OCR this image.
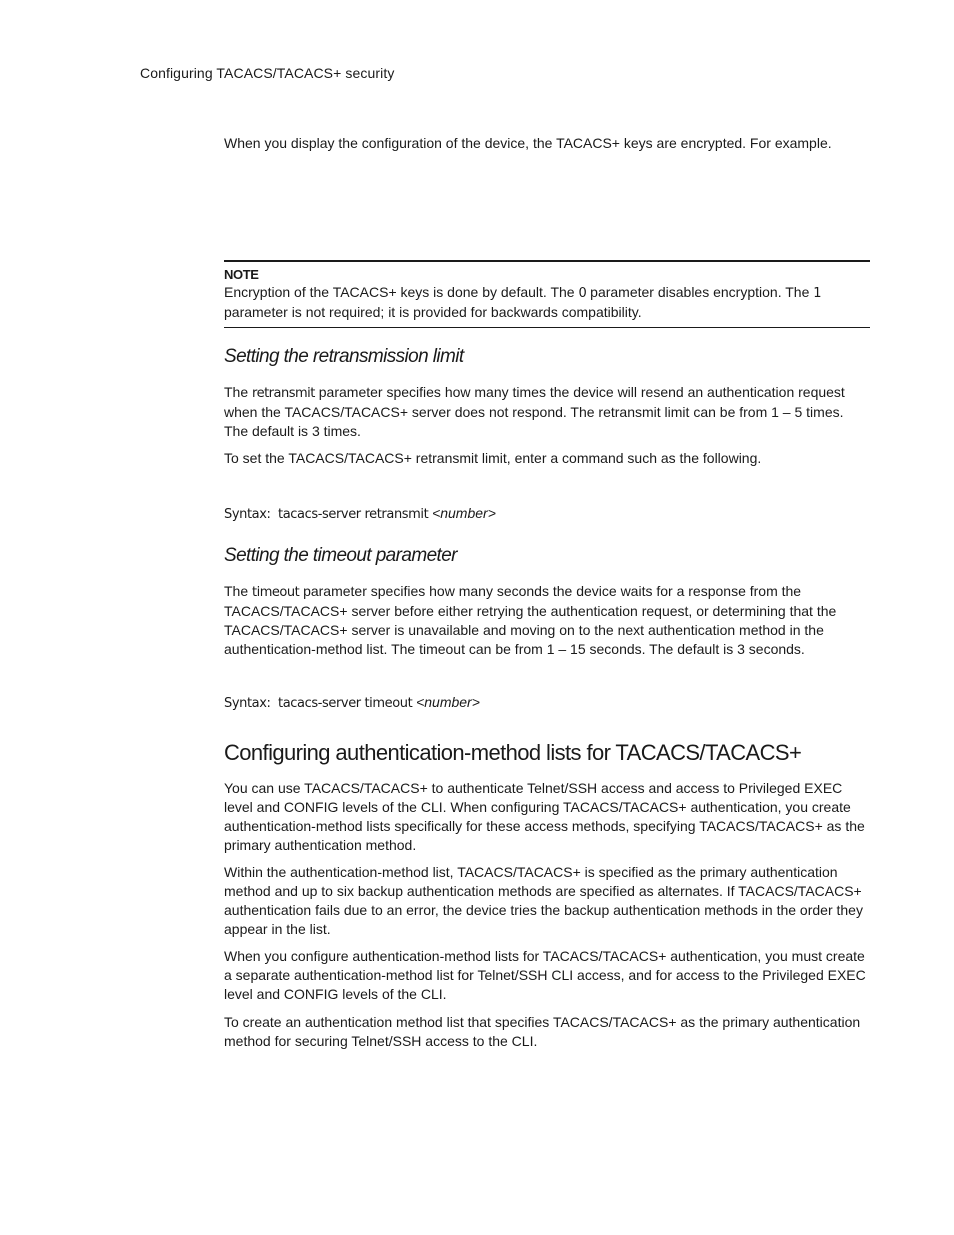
Configuring TACACS/TACACS+ security

When you display the configuration of the device, the TACACS+ keys are encrypted. For example.

NOTE

Encryption of the TACACS+ keys is done by default. The 0 parameter disables encryption. The 1 parameter is not required; it is provided for backwards compatibility.

Setting the retransmission limit

The retransmit parameter specifies how many times the device will resend an authentication request when the TACACS/TACACS+ server does not respond. The retransmit limit can be from 1 – 5 times. The default is 3 times.

To set the TACACS/TACACS+ retransmit limit, enter a command such as the following.

Syntax: tacacs-server retransmit <number>
Setting the timeout parameter

The timeout parameter specifies how many seconds the device waits for a response from the TACACS/TACACS+ server before either retrying the authentication request, or determining that the TACACS/TACACS+ server is unavailable and moving on to the next authentication method in the authentication-method list. The timeout can be from 1 – 15 seconds. The default is 3 seconds.

Syntax: tacacs-server timeout <number>
Configuring authentication-method lists for TACACS/TACACS+

You can use TACACS/TACACS+ to authenticate Telnet/SSH access and access to Privileged EXEC level and CONFIG levels of the CLI. When configuring TACACS/TACACS+ authentication, you create authentication-method lists specifically for these access methods, specifying TACACS/TACACS+ as the primary authentication method.

Within the authentication-method list, TACACS/TACACS+ is specified as the primary authentication method and up to six backup authentication methods are specified as alternates. If TACACS/TACACS+ authentication fails due to an error, the device tries the backup authentication methods in the order they appear in the list.

When you configure authentication-method lists for TACACS/TACACS+ authentication, you must create a separate authentication-method list for Telnet/SSH CLI access, and for access to the Privileged EXEC level and CONFIG levels of the CLI.

To create an authentication method list that specifies TACACS/TACACS+ as the primary authentication method for securing Telnet/SSH access to the CLI.
